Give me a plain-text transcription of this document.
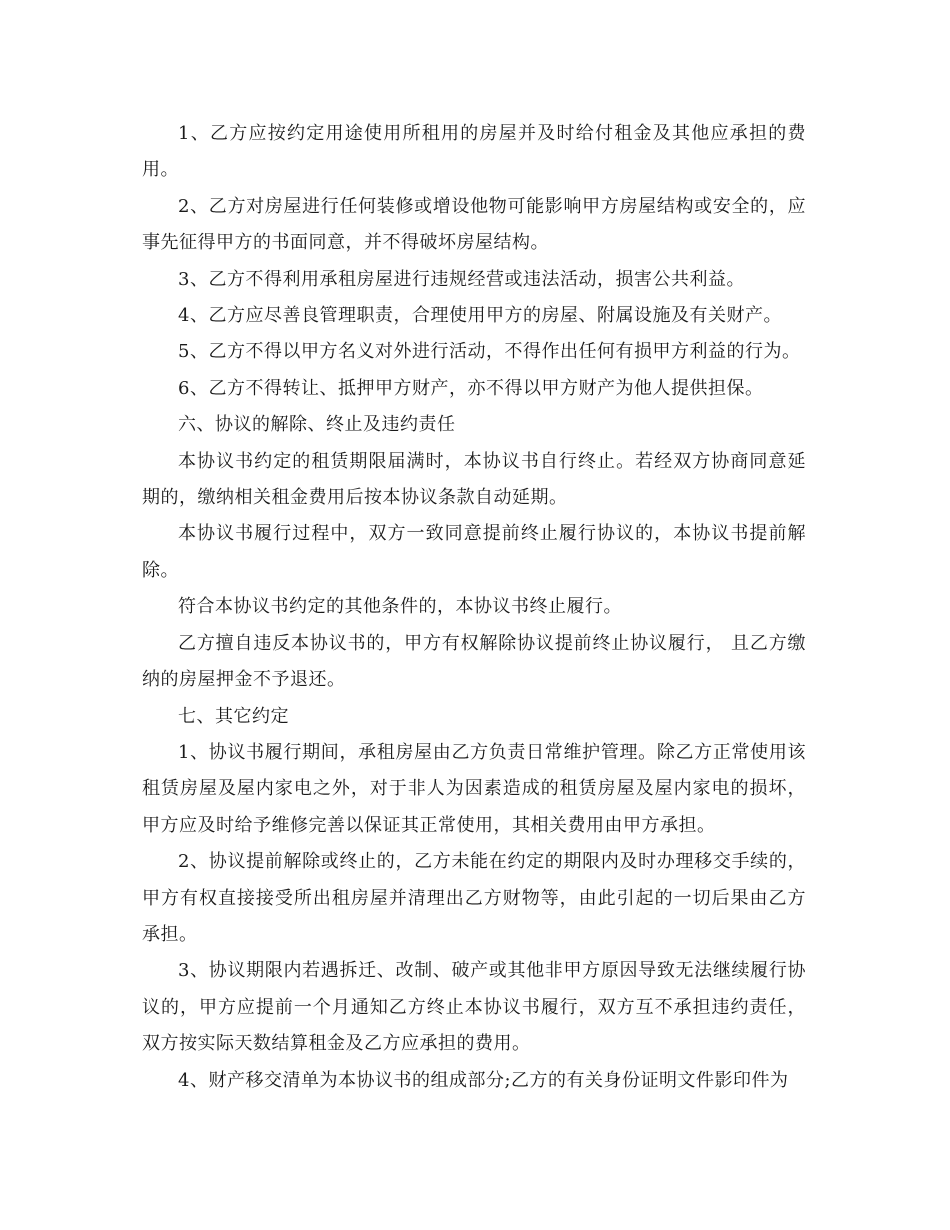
1、乙方应按约定用途使用所租用的房屋并及时给付租金及其他应承担的费用。

2、乙方对房屋进行任何装修或增设他物可能影响甲方房屋结构或安全的，应事先征得甲方的书面同意，并不得破坏房屋结构。

3、乙方不得利用承租房屋进行违规经营或违法活动，损害公共利益。

4、乙方应尽善良管理职责，合理使用甲方的房屋、附属设施及有关财产。

5、乙方不得以甲方名义对外进行活动，不得作出任何有损甲方利益的行为。

6、乙方不得转让、抵押甲方财产，亦不得以甲方财产为他人提供担保。

六、协议的解除、终止及违约责任

本协议书约定的租赁期限届满时，本协议书自行终止。若经双方协商同意延期的，缴纳相关租金费用后按本协议条款自动延期。

本协议书履行过程中，双方一致同意提前终止履行协议的，本协议书提前解除。

符合本协议书约定的其他条件的，本协议书终止履行。

乙方擅自违反本协议书的，甲方有权解除协议提前终止协议履行， 且乙方缴纳的房屋押金不予退还。

七、其它约定

1、协议书履行期间，承租房屋由乙方负责日常维护管理。除乙方正常使用该租赁房屋及屋内家电之外，对于非人为因素造成的租赁房屋及屋内家电的损坏，甲方应及时给予维修完善以保证其正常使用，其相关费用由甲方承担。

2、协议提前解除或终止的，乙方未能在约定的期限内及时办理移交手续的，甲方有权直接接受所出租房屋并清理出乙方财物等，由此引起的一切后果由乙方承担。

3、协议期限内若遇拆迁、改制、破产或其他非甲方原因导致无法继续履行协议的，甲方应提前一个月通知乙方终止本协议书履行，双方互不承担违约责任，双方按实际天数结算租金及乙方应承担的费用。

4、财产移交清单为本协议书的组成部分;乙方的有关身份证明文件影印件为
